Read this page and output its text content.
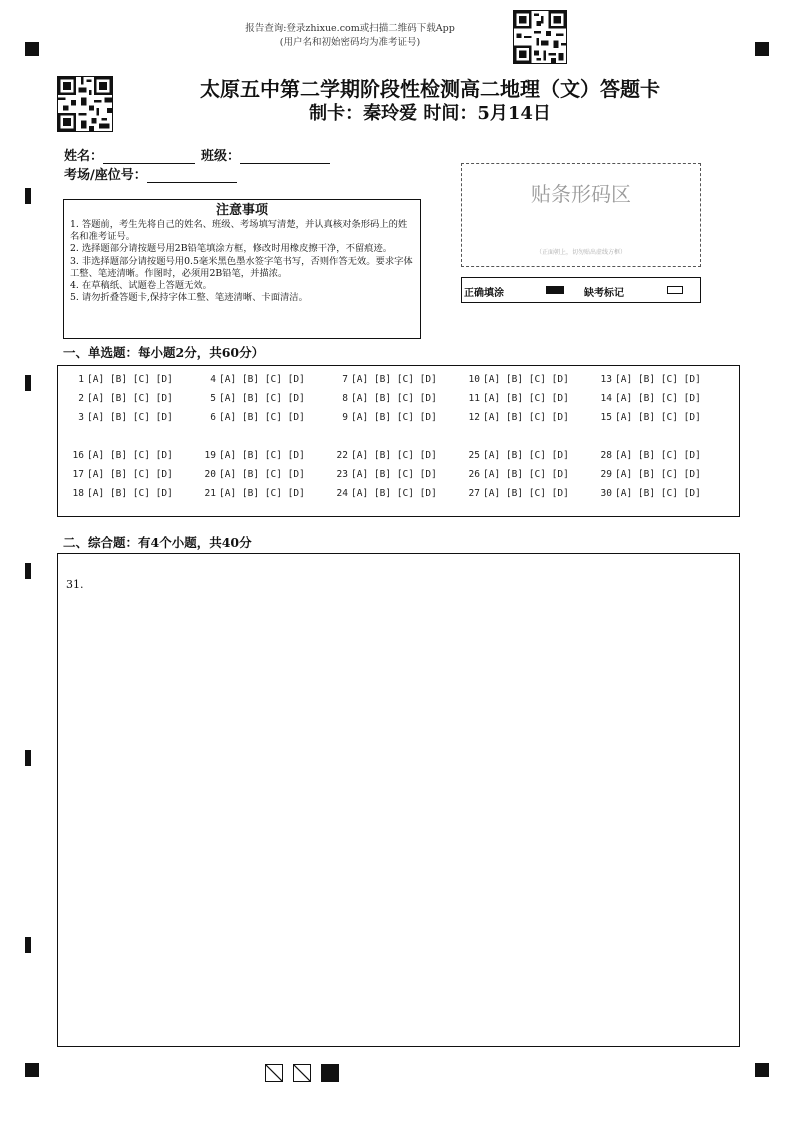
报告查询:登录zhixue.com或扫描二维码下载App
(用户名和初始密码均为准考证号)
太原五中第二学期阶段性检测高二地理（文）答题卡
制卡：秦玲爱 时间：5月14日
姓名：	班级：
考场/座位号：
注意事项
1. 答题前，考生先将自己的姓名、班级、考场填写清楚，并认真核对条形码上的姓名和准考证号。
2. 选择题部分请按题号用2B铅笔填涂方框，修改时用橡皮擦干净，不留痕迹。
3. 非选择题部分请按题号用0.5毫米黑色墨水签字笔书写，否则作答无效。要求字体工整、笔迹清晰。作图时，必须用2B铅笔，并描浓。
4. 在草稿纸、试题卷上答题无效。
5. 请勿折叠答题卡,保持字体工整、笔迹清晰、卡面清洁。
贴条形码区
（正面朝上，切勿贴出虚线方框）
正确填涂	缺考标记
一、单选题：每小题2分，共60分）
1 [A] [B] [C] [D]
2 [A] [B] [C] [D]
3 [A] [B] [C] [D]
4 [A] [B] [C] [D]
5 [A] [B] [C] [D]
6 [A] [B] [C] [D]
7 [A] [B] [C] [D]
8 [A] [B] [C] [D]
9 [A] [B] [C] [D]
10 [A] [B] [C] [D]
11 [A] [B] [C] [D]
12 [A] [B] [C] [D]
13 [A] [B] [C] [D]
14 [A] [B] [C] [D]
15 [A] [B] [C] [D]
16 [A] [B] [C] [D]
17 [A] [B] [C] [D]
18 [A] [B] [C] [D]
19 [A] [B] [C] [D]
20 [A] [B] [C] [D]
21 [A] [B] [C] [D]
22 [A] [B] [C] [D]
23 [A] [B] [C] [D]
24 [A] [B] [C] [D]
25 [A] [B] [C] [D]
26 [A] [B] [C] [D]
27 [A] [B] [C] [D]
28 [A] [B] [C] [D]
29 [A] [B] [C] [D]
30 [A] [B] [C] [D]
二、综合题：有4个小题，共40分
31.
